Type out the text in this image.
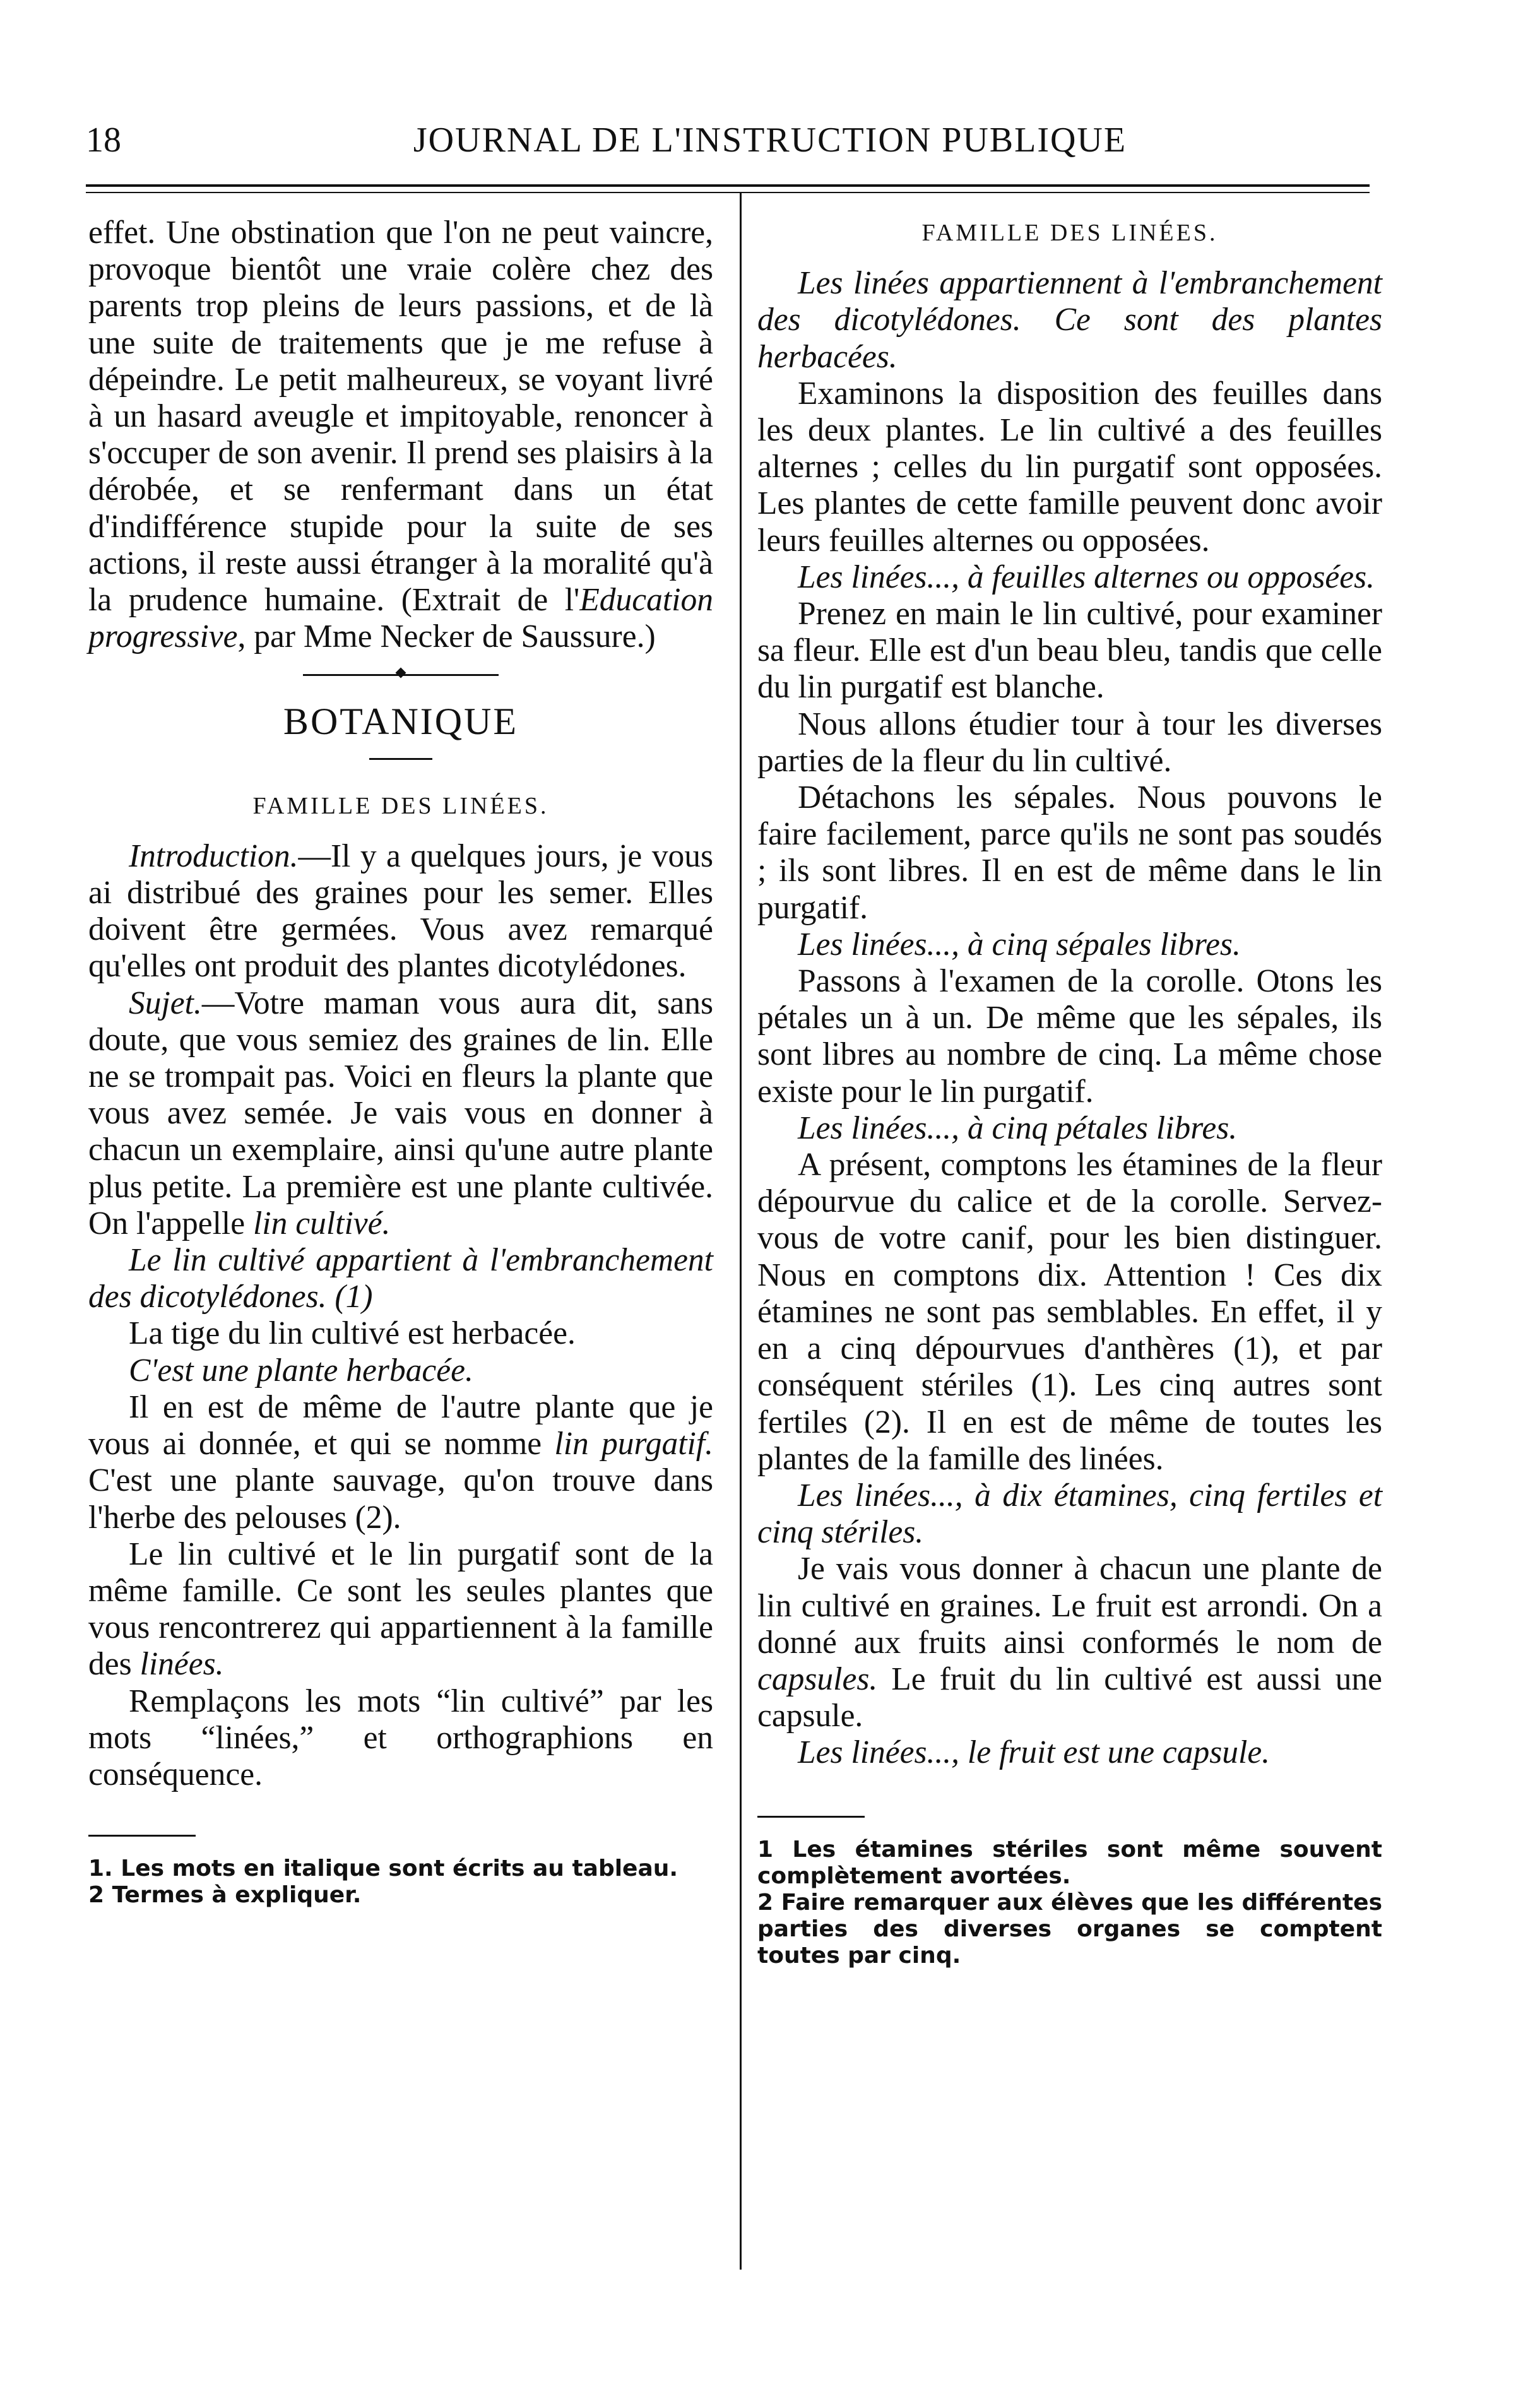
18	JOURNAL DE L'INSTRUCTION PUBLIQUE

effet. Une obstination que l'on ne peut vaincre, provoque bientôt une vraie colère chez des parents trop pleins de leurs passions, et de là une suite de traitements que je me refuse à dépeindre. Le petit malheureux, se voyant livré à un hasard aveugle et impitoyable, renoncer à s'occuper de son avenir. Il prend ses plaisirs à la dérobée, et se renfermant dans un état d'indifférence stupide pour la suite de ses actions, il reste aussi étranger à la moralité qu'à la prudence humaine. (Extrait de l'Education progressive, par Mme Necker de Saussure.)

BOTANIQUE
FAMILLE DES LINÉES.

Introduction.—Il y a quelques jours, je vous ai distribué des graines pour les semer. Elles doivent être germées. Vous avez remarqué qu'elles ont produit des plantes dicotylédones.

Sujet.—Votre maman vous aura dit, sans doute, que vous semiez des graines de lin. Elle ne se trompait pas. Voici en fleurs la plante que vous avez semée. Je vais vous en donner à chacun un exemplaire, ainsi qu'une autre plante plus petite. La première est une plante cultivée. On l'appelle lin cultivé.

Le lin cultivé appartient à l'embranchement des dicotylédones. (1)

La tige du lin cultivé est herbacée.

C'est une plante herbacée.

Il en est de même de l'autre plante que je vous ai donnée, et qui se nomme lin purgatif. C'est une plante sauvage, qu'on trouve dans l'herbe des pelouses (2).

Le lin cultivé et le lin purgatif sont de la même famille. Ce sont les seules plantes que vous rencontrerez qui appartiennent à la famille des linées.

Remplaçons les mots “lin cultivé” par les mots “linées,” et orthographions en conséquence.

1. Les mots en italique sont écrits au tableau.

2 Termes à expliquer.

FAMILLE DES LINÉES.

Les linées appartiennent à l'embranchement des dicotylédones. Ce sont des plantes herbacées.

Examinons la disposition des feuilles dans les deux plantes. Le lin cultivé a des feuilles alternes ; celles du lin purgatif sont opposées. Les plantes de cette famille peuvent donc avoir leurs feuilles alternes ou opposées.

Les linées..., à feuilles alternes ou opposées.

Prenez en main le lin cultivé, pour examiner sa fleur. Elle est d'un beau bleu, tandis que celle du lin purgatif est blanche.

Nous allons étudier tour à tour les diverses parties de la fleur du lin cultivé.

Détachons les sépales. Nous pouvons le faire facilement, parce qu'ils ne sont pas soudés ; ils sont libres. Il en est de même dans le lin purgatif.

Les linées..., à cinq sépales libres.

Passons à l'examen de la corolle. Otons les pétales un à un. De même que les sépales, ils sont libres au nombre de cinq. La même chose existe pour le lin purgatif.

Les linées..., à cinq pétales libres.

A présent, comptons les étamines de la fleur dépourvue du calice et de la corolle. Servez-vous de votre canif, pour les bien distinguer. Nous en comptons dix. Attention ! Ces dix étamines ne sont pas semblables. En effet, il y en a cinq dépourvues d'anthères (1), et par conséquent stériles (1). Les cinq autres sont fertiles (2). Il en est de même de toutes les plantes de la famille des linées.

Les linées..., à dix étamines, cinq fertiles et cinq stériles.

Je vais vous donner à chacun une plante de lin cultivé en graines. Le fruit est arrondi. On a donné aux fruits ainsi conformés le nom de capsules. Le fruit du lin cultivé est aussi une capsule.

Les linées..., le fruit est une capsule.

1 Les étamines stériles sont même souvent complètement avortées.

2 Faire remarquer aux élèves que les différentes parties des diverses organes se comptent toutes par cinq.
